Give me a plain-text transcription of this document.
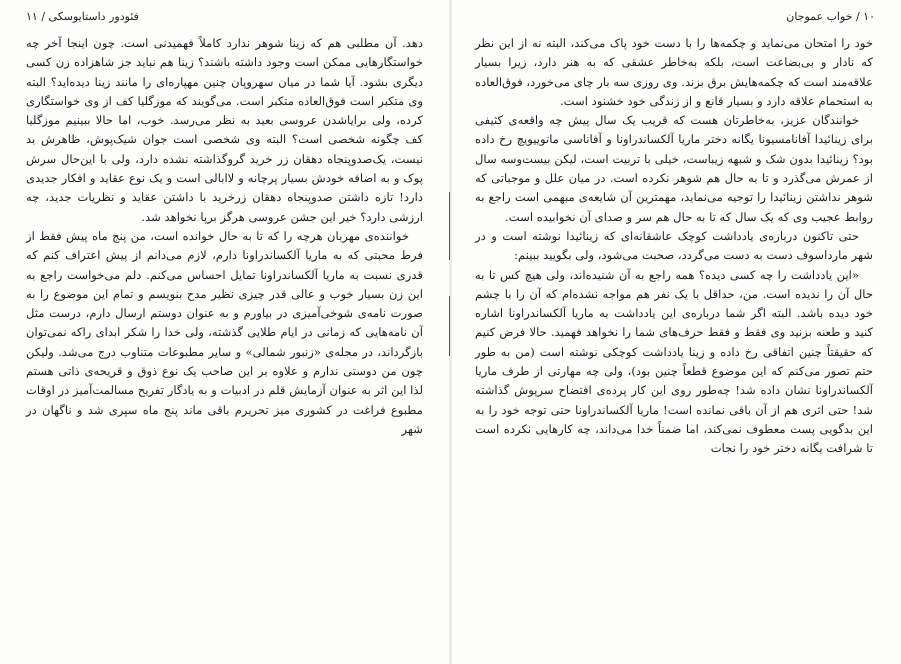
فئودور داستایوسکی / ۱۱

دهد. آن مطلبی هم که زینا شوهر ندارد کاملاً فهمیدنی است. چون اینجا آخر چه خواستگارهایی ممکن است وجود داشته باشند؟ زینا هم نباید جز شاهزاده زن کسی دیگری بشود. آیا شما در میان سهروپان چنین مهپاره‌ای را مانند زینا دیده‌اید؟ البته وی متکبر است فوق‌العاده متکبر است. می‌گویند که موزگلیا کف از وی خواستگاری کرده، ولی برایاشدن عروسی بعید به نظر می‌رسد. خوب، اما حالا ببینیم موزگلیا کف چگونه شخصی است؟ البته وی شخصی است جوان شیک‌پوش، ظاهرش بد نیست، یک‌صدوپنجاه دهقان زر خرید گروگذاشته نشده دارد، ولی با این‌حال سرش پوک و به اضافه خودش بسیار پرچانه و لاابالی است و یک نوع عقاید و افکار جدیدی دارد! تازه داشتن صدوپنجاه دهقان زرخرید با داشتن عقاید و نظریات جدید، چه ارزشی دارد؟ خیر این جشن عروسی هرگز برپا نخواهد شد.

خواننده‌ی مهربان هرچه را که تا به حال خوانده است، من پنج ماه پیش فقط از فرط محبتی که به ماریا آلکساندراونا دارم، لازم می‌دانم از پیش اعتراف کنم که قدری نسبت به ماریا آلکساندراونا تمایل احساس می‌کنم. دلم می‌خواست راجع به این زن بسیار خوب و عالی قدر چیزی نظیر مدح بنویسم و تمام این موضوع را به صورت نامه‌ی شوخی‌آمیزی در بیاورم و به عنوان دوستم ارسال دارم، درست مثل آن نامه‌هایی که زمانی در ایام طلایی گذشته، ولی خدا را شکر ابدای راکه نمی‌توان بازگرداند، در مجله‌ی «زنبور شمالی» و سایر مطبوعات متناوب درج می‌شد. ولیکن چون من دوستی ندارم و علاوه بر این صاحب یک نوع ذوق و قریحه‌ی ذاتی هستم لذا این اثر به عنوان آزمایش قلم در ادبیات و به یادگار تفریح مسالمت‌آمیز در اوقات مطبوع فراغت در کشوری میز تحریرم باقی ماند پنج ماه سپری شد و ناگهان در شهر

۱۰ / خواب عموجان

خود را امتحان می‌نماید و چکمه‌ها را با دست خود پاک می‌کند، البته نه از این نظر که نادار و بی‌بضاعت است، بلکه به‌خاطر عشقی که به هنر دارد، زیرا بسیار علاقه‌مند است که چکمه‌هایش برق بزند. وی روزی سه بار چای می‌خورد، فوق‌العاده به استحمام علاقه دارد و بسیار قانع و از زندگی خود خشنود است.

خوانندگان عزیز، به‌خاطرتان هست که قریب یک سال پیش چه واقعه‌ی کثیفی برای زینائیدا آفانامسیونا یگانه دختر ماریا آلکساندراونا و آفاناسی ماتوییویچ رخ داده بود؟ زینائیدا بدون شک و شبهه زیباست، خیلی با تربیت است، لیکن بیست‌وسه سال از عمرش می‌گذرد و تا به حال هم شوهر نکرده است. در میان علل و موجباتی که شوهر نداشتن زینائیدا را توجیه می‌نماید، مهمترین آن شایعه‌ی مبهمی است راجع به روابط عجیب وی که یک سال که تا به حال هم سر و صدای آن نخوابیده است.

حتی تاکنون درباره‌ی یادداشت کوچک عاشقانه‌ای که زینائیدا نوشته است و در شهر مارداسوف دست به دست می‌گردد، صحبت می‌شود، ولی بگویید ببینم:

«این یادداشت را چه کسی دیده؟ همه راجع به آن شنیده‌اند، ولی هیچ کس تا به حال آن را ندیده است. من، حداقل با یک نفر هم مواجه نشده‌ام که آن را با چشم خود دیده باشد. البته اگر شما درباره‌ی این یادداشت به ماریا آلکساندراونا اشاره کنید و طعنه بزنید وی فقط و فقط حرف‌های شما را نخواهد فهمید. حالا فرض کنیم که حقیقتاً چنین اتفاقی رخ داده و زینا یادداشت کوچکی نوشته است (من به طور حتم تصور می‌کنم که این موضوع قطعاً چنین بود)، ولی چه مهارتی از طرف ماریا آلکساندراونا نشان داده شد! چه‌طور روی این کار پرده‌ی افتضاح سرپوش گذاشته شد! حتی اثری هم از آن باقی نمانده است! ماریا آلکساندراونا حتی توجه خود را به این بدگویی پست معطوف نمی‌کند، اما ضمناً خدا می‌داند، چه کارهایی نکرده است تا شرافت یگانه دختر خود را نجات
